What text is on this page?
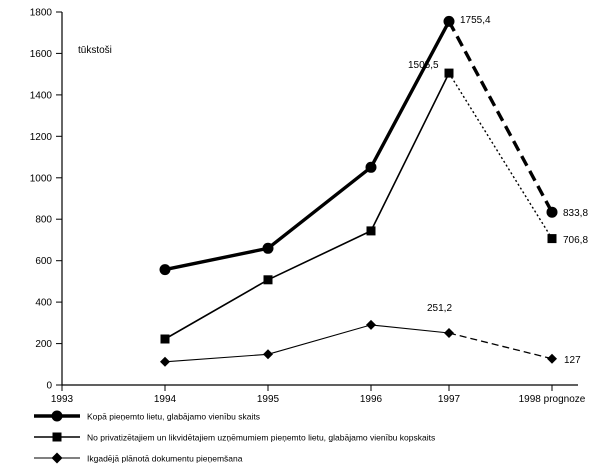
0
200
400
600
800
1000
1200
1400
1600
1800
1993	1994	1995	1996	1997	1998 prognoze
tūkstoši
1755,4
1505,5
833,8
706,8
251,2
127
Kopā pieņemto lietu, glabājamo vienību skaits
No privatizētajiem un likvidētajiem uzņēmumiem pieņemto lietu, glabājamo vienību kopskaits
Ikgadējā plānotā dokumentu pieņemšana
